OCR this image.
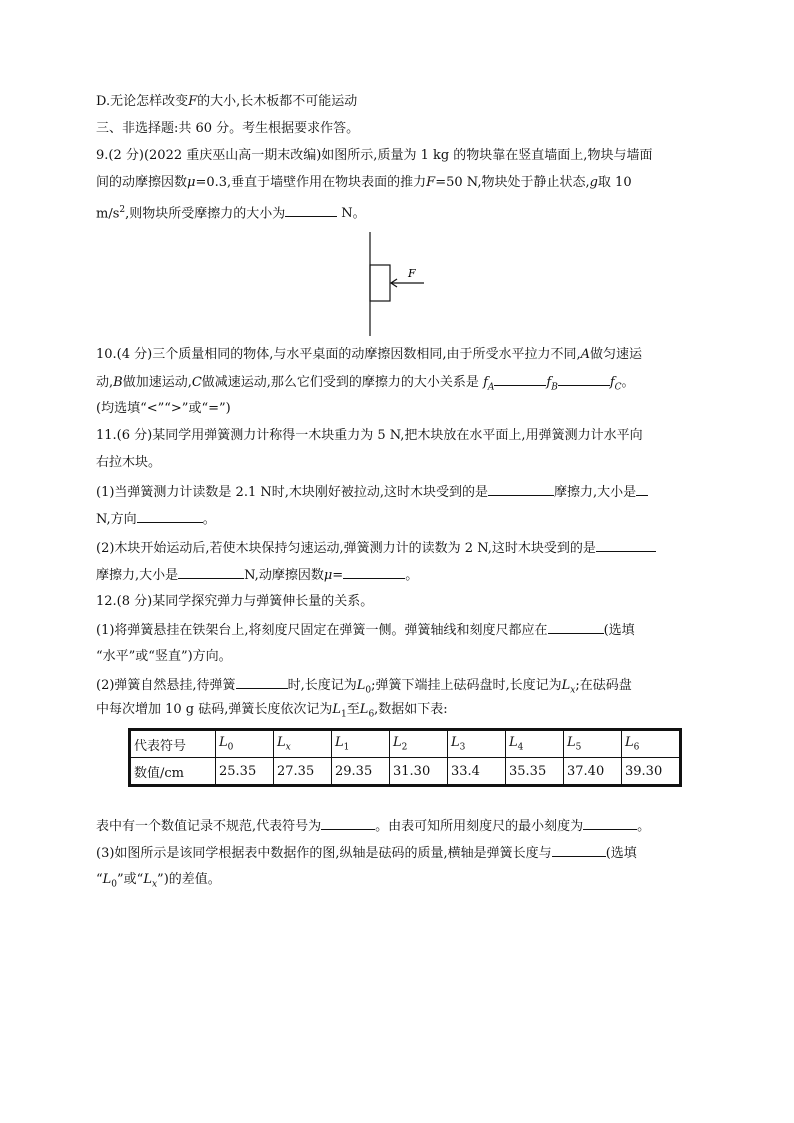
D.无论怎样改变F的大小,长木板都不可能运动
三、非选择题:共 60 分。考生根据要求作答。
9.(2 分)(2022 重庆巫山高一期末改编)如图所示,质量为 1 kg 的物块靠在竖直墙面上,物块与墙面
间的动摩擦因数μ=0.3,垂直于墙壁作用在物块表面的推力F=50 N,物块处于静止状态,g取 10
$m/s^2$,则物块所受摩擦力的大小为	N。
F
10.(4 分)三个质量相同的物体,与水平桌面的动摩擦因数相同,由于所受水平拉力不同,A做匀速运
动,B做加速运动,C做减速运动,那么它们受到的摩擦力的大小关系是 $f_A$	$f_B$	$f_C$。
(均选填“<”“>”或“=”)
11.(6 分)某同学用弹簧测力计称得一木块重力为 5 N,把木块放在水平面上,用弹簧测力计水平向
右拉木块。
(1)当弹簧测力计读数是 2.1 N时,木块刚好被拉动,这时木块受到的是	摩擦力,大小是
N,方向	。
(2)木块开始运动后,若使木块保持匀速运动,弹簧测力计的读数为 2 N,这时木块受到的是
摩擦力,大小是	N,动摩擦因数μ=	。
12.(8 分)某同学探究弹力与弹簧伸长量的关系。
(1)将弹簧悬挂在铁架台上,将刻度尺固定在弹簧一侧。弹簧轴线和刻度尺都应在	(选填
“水平”或“竖直”)方向。
(2)弹簧自然悬挂,待弹簧	时,长度记为$L_0$;弹簧下端挂上砝码盘时,长度记为$L_x$;在砝码盘
中每次增加 10 g 砝码,弹簧长度依次记为$L_1$至$L_6$,数据如下表:
代表符号	$L_0$	$L_x$	$L_1$	$L_2$	$L_3$	$L_4$	$L_5$	$L_6$
数值/cm	25.35	27.35	29.35	31.30	33.4	35.35	37.40	39.30
表中有一个数值记录不规范,代表符号为	。由表可知所用刻度尺的最小刻度为	。
(3)如图所示是该同学根据表中数据作的图,纵轴是砝码的质量,横轴是弹簧长度与	(选填
“$L_0$”或“$L_x$”)的差值。
